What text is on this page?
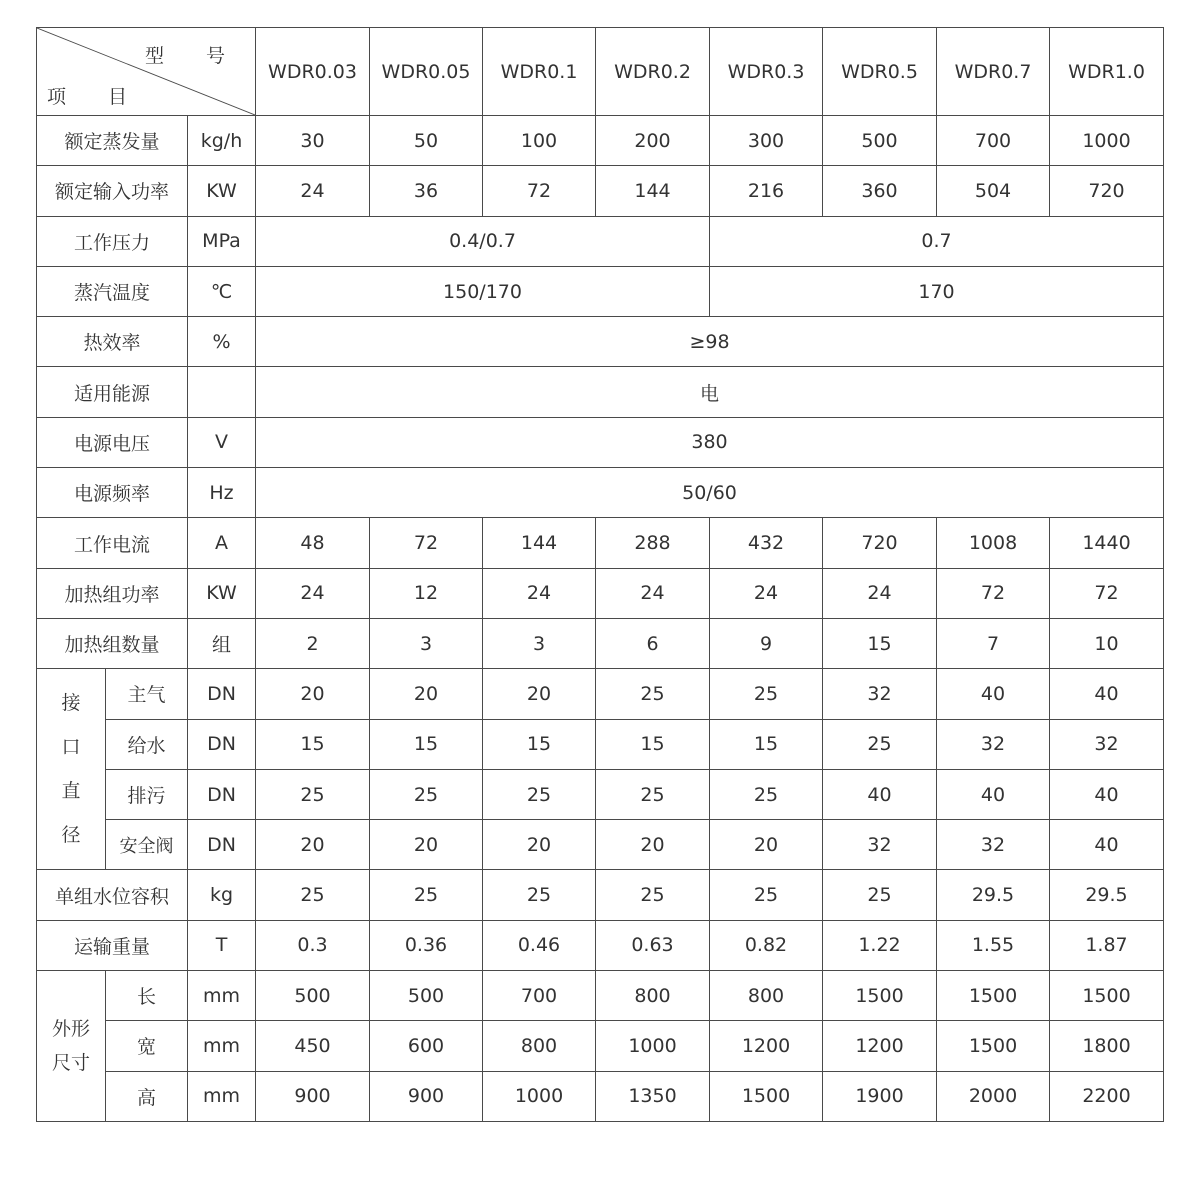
型 号
项 目			WDR0.03	WDR0.05	WDR0.1	WDR0.2	WDR0.3	WDR0.5	WDR0.7	WDR1.0
额定蒸发量		kg/h	30	50	100	200	300	500	700	1000
额定输入功率		KW	24	36	72	144	216	360	504	720
工作压力		MPa	0.4/0.7				0.7			
蒸汽温度		℃	150/170				170			
热效率		%	≥98							
适用能源			电							
电源电压		V	380							
电源频率		Hz	50/60							
工作电流		A	48	72	144	288	432	720	1008	1440
加热组功率		KW	24	12	24	24	24	24	72	72
加热组数量		组	2	3	3	6	9	15	7	10

接
口
直
径	主气	DN	20	20	20	25	25	32	40	40
	给水	DN	15	15	15	15	15	25	32	32
	排污	DN	25	25	25	25	25	40	40	40
	安全阀	DN	20	20	20	20	20	32	32	40
单组水位容积		kg	25	25	25	25	25	25	29.5	29.5
运输重量		T	0.3	0.36	0.46	0.63	0.82	1.22	1.55	1.87

外形
尺寸	长	mm	500	500	700	800	800	1500	1500	1500
	宽	mm	450	600	800	1000	1200	1200	1500	1800
	高	mm	900	900	1000	1350	1500	1900	2000	2200
